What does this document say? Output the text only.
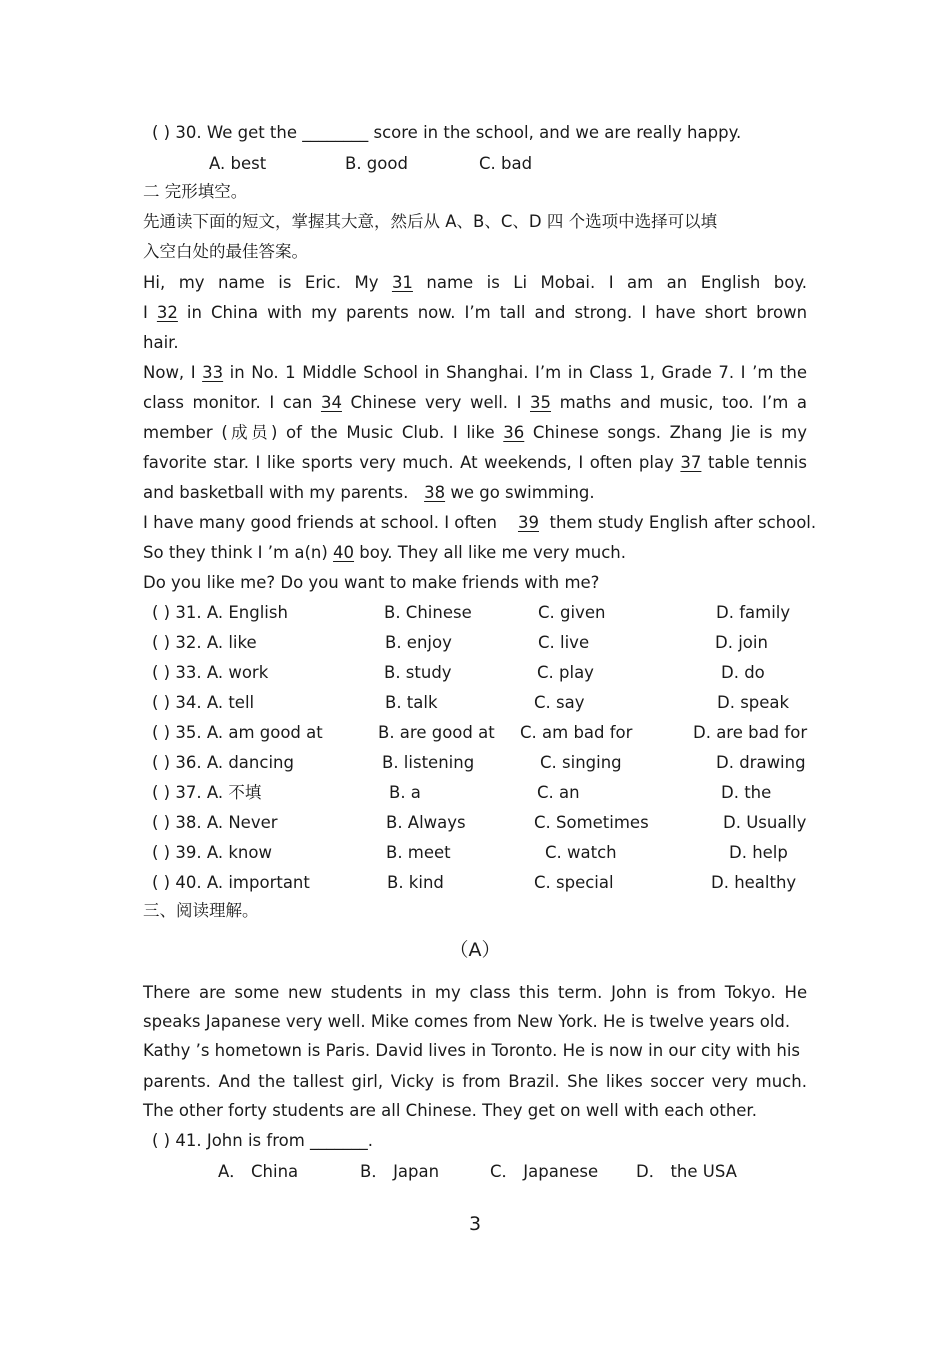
( ) 30. We get the ________ score in the school, and we are really happy.
A. best	B. good	C. bad
二 完形填空。
先通读下面的短文，掌握其大意，然后从 A、B、C、D 四 个选项中选择可以填
入空白处的最佳答案。
Hi, my name is Eric. My 31 name is Li Mobai. I am an English boy.
I 32 in China with my parents now. I’m tall and strong. I have short brown
hair.
Now, I 33 in No. 1 Middle School in Shanghai. I’m in Class 1, Grade 7. I ’m the
class monitor. I can 34 Chinese very well. I 35 maths and music, too. I’m a
member (成员) of the Music Club. I like 36 Chinese songs. Zhang Jie is my
favorite star. I like sports very much. At weekends, I often play 37 table tennis
and basketball with my parents. 38 we go swimming.
I have many good friends at school. I often 39 them study English after school.
So they think I ’m a(n) 40 boy. They all like me very much.
Do you like me? Do you want to make friends with me?
( ) 31. A. English	B. Chinese	C. given	D. family
( ) 32. A. like	B. enjoy	C. live	D. join
( ) 33. A. work	B. study	C. play	D. do
( ) 34. A. tell	B. talk	C. say	D. speak
( ) 35. A. am good at	B. are good at C. am bad for	D. are bad for
( ) 36. A. dancing	B. listening	C. singing	D. drawing
( ) 37. A. 不填	B. a	C. an	D. the
( ) 38. A. Never	B. Always	C. Sometimes	D. Usually
( ) 39. A. know	B. meet	C. watch	D. help
( ) 40. A. important	B. kind	C. special	D. healthy
三、阅读理解。
（A）
There are some new students in my class this term. John is from Tokyo. He
speaks Japanese very well. Mike comes from New York. He is twelve years old.
Kathy ’s hometown is Paris. David lives in Toronto. He is now in our city with his
parents. And the tallest girl, Vicky is from Brazil. She likes soccer very much.
The other forty students are all Chinese. They get on well with each other.
( ) 41. John is from _______.
A． China	B． Japan	C． Japanese D． the USA
3
